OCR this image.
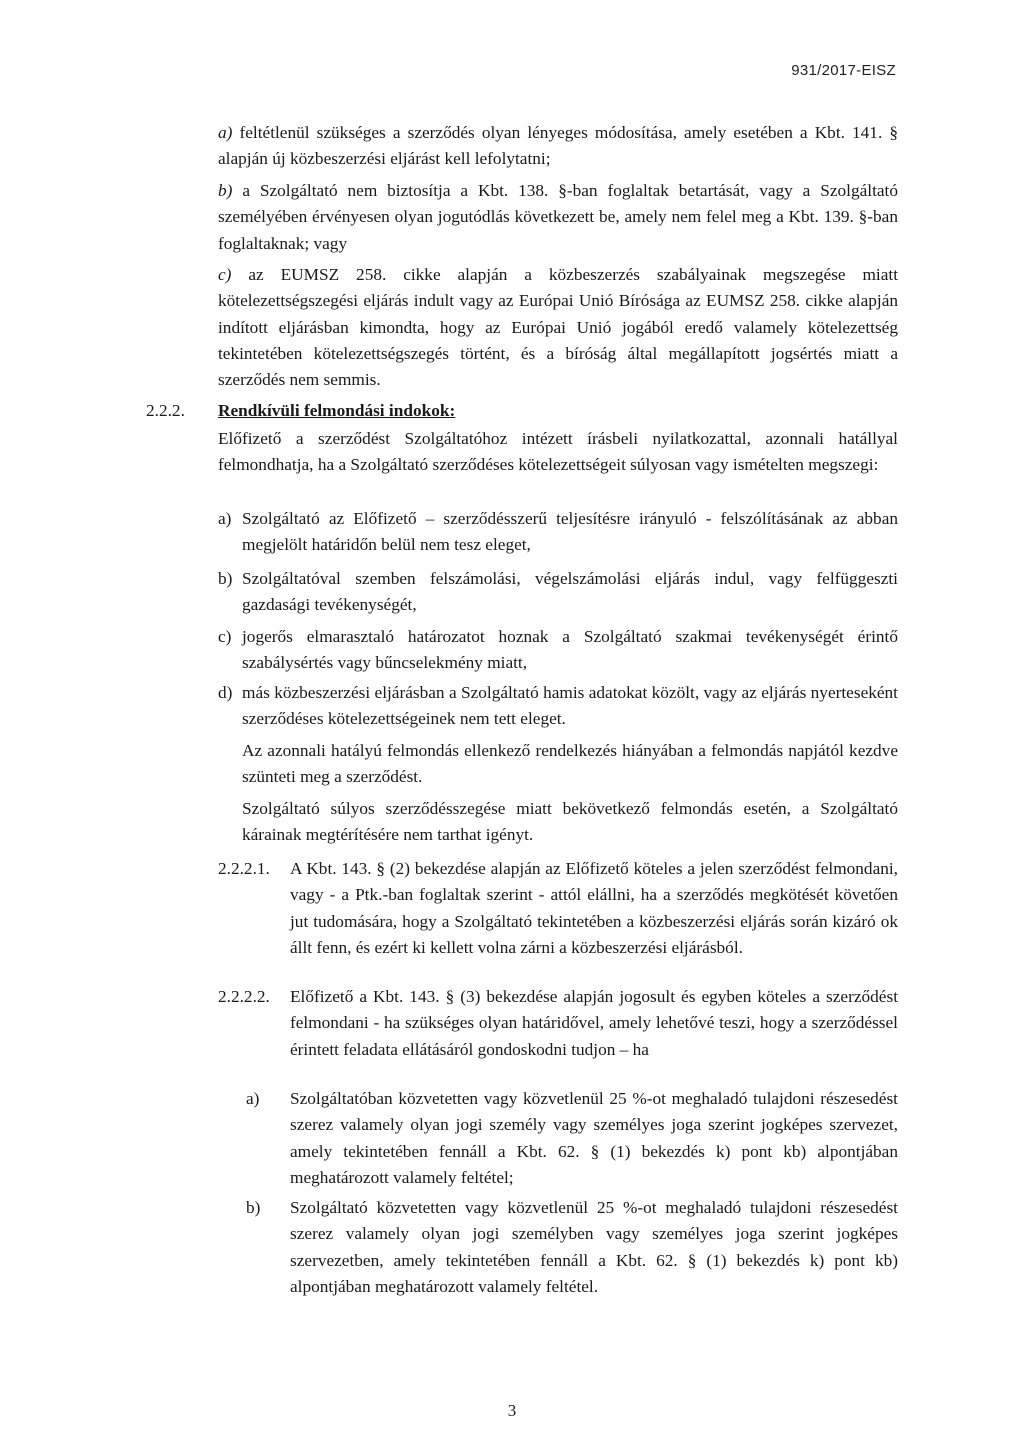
931/2017-EISZ

a) feltétlenül szükséges a szerződés olyan lényeges módosítása, amely esetében a Kbt. 141. § alapján új közbeszerzési eljárást kell lefolytatni;

b) a Szolgáltató nem biztosítja a Kbt. 138. §-ban foglaltak betartását, vagy a Szolgáltató személyében érvényesen olyan jogutódlás következett be, amely nem felel meg a Kbt. 139. §-ban foglaltaknak; vagy

c) az EUMSZ 258. cikke alapján a közbeszerzés szabályainak megszegése miatt kötelezettségszegési eljárás indult vagy az Európai Unió Bírósága az EUMSZ 258. cikke alapján indított eljárásban kimondta, hogy az Európai Unió jogából eredő valamely kötelezettség tekintetében kötelezettségszegés történt, és a bíróság által megállapított jogsértés miatt a szerződés nem semmis.

2.2.2. Rendkívüli felmondási indokok:

Előfizető a szerződést Szolgáltatóhoz intézett írásbeli nyilatkozattal, azonnali hatállyal felmondhatja, ha a Szolgáltató szerződéses kötelezettségeit súlyosan vagy ismételten megszegi:

a) Szolgáltató az Előfizető – szerződésszerű teljesítésre irányuló - felszólításának az abban megjelölt határidőn belül nem tesz eleget,

b) Szolgáltatóval szemben felszámolási, végelszámolási eljárás indul, vagy felfüggeszti gazdasági tevékenységét,

c) jogerős elmarasztaló határozatot hoznak a Szolgáltató szakmai tevékenységét érintő szabálysértés vagy bűncselekmény miatt,

d) más közbeszerzési eljárásban a Szolgáltató hamis adatokat közölt, vagy az eljárás nyerteseként szerződéses kötelezettségeinek nem tett eleget.

Az azonnali hatályú felmondás ellenkező rendelkezés hiányában a felmondás napjától kezdve szünteti meg a szerződést.

Szolgáltató súlyos szerződésszegése miatt bekövetkező felmondás esetén, a Szolgáltató kárainak megtérítésére nem tarthat igényt.

2.2.2.1. A Kbt. 143. § (2) bekezdése alapján az Előfizető köteles a jelen szerződést felmondani, vagy - a Ptk.-ban foglaltak szerint - attól elállni, ha a szerződés megkötését követően jut tudomására, hogy a Szolgáltató tekintetében a közbeszerzési eljárás során kizáró ok állt fenn, és ezért ki kellett volna zárni a közbeszerzési eljárásból.

2.2.2.2. Előfizető a Kbt. 143. § (3) bekezdése alapján jogosult és egyben köteles a szerződést felmondani - ha szükséges olyan határidővel, amely lehetővé teszi, hogy a szerződéssel érintett feladata ellátásáról gondoskodni tudjon – ha

a) Szolgáltatóban közvetetten vagy közvetlenül 25 %-ot meghaladó tulajdoni részesedést szerez valamely olyan jogi személy vagy személyes joga szerint jogképes szervezet, amely tekintetében fennáll a Kbt. 62. § (1) bekezdés k) pont kb) alpontjában meghatározott valamely feltétel;

b) Szolgáltató közvetetten vagy közvetlenül 25 %-ot meghaladó tulajdoni részesedést szerez valamely olyan jogi személyben vagy személyes joga szerint jogképes szervezetben, amely tekintetében fennáll a Kbt. 62. § (1) bekezdés k) pont kb) alpontjában meghatározott valamely feltétel.

3
